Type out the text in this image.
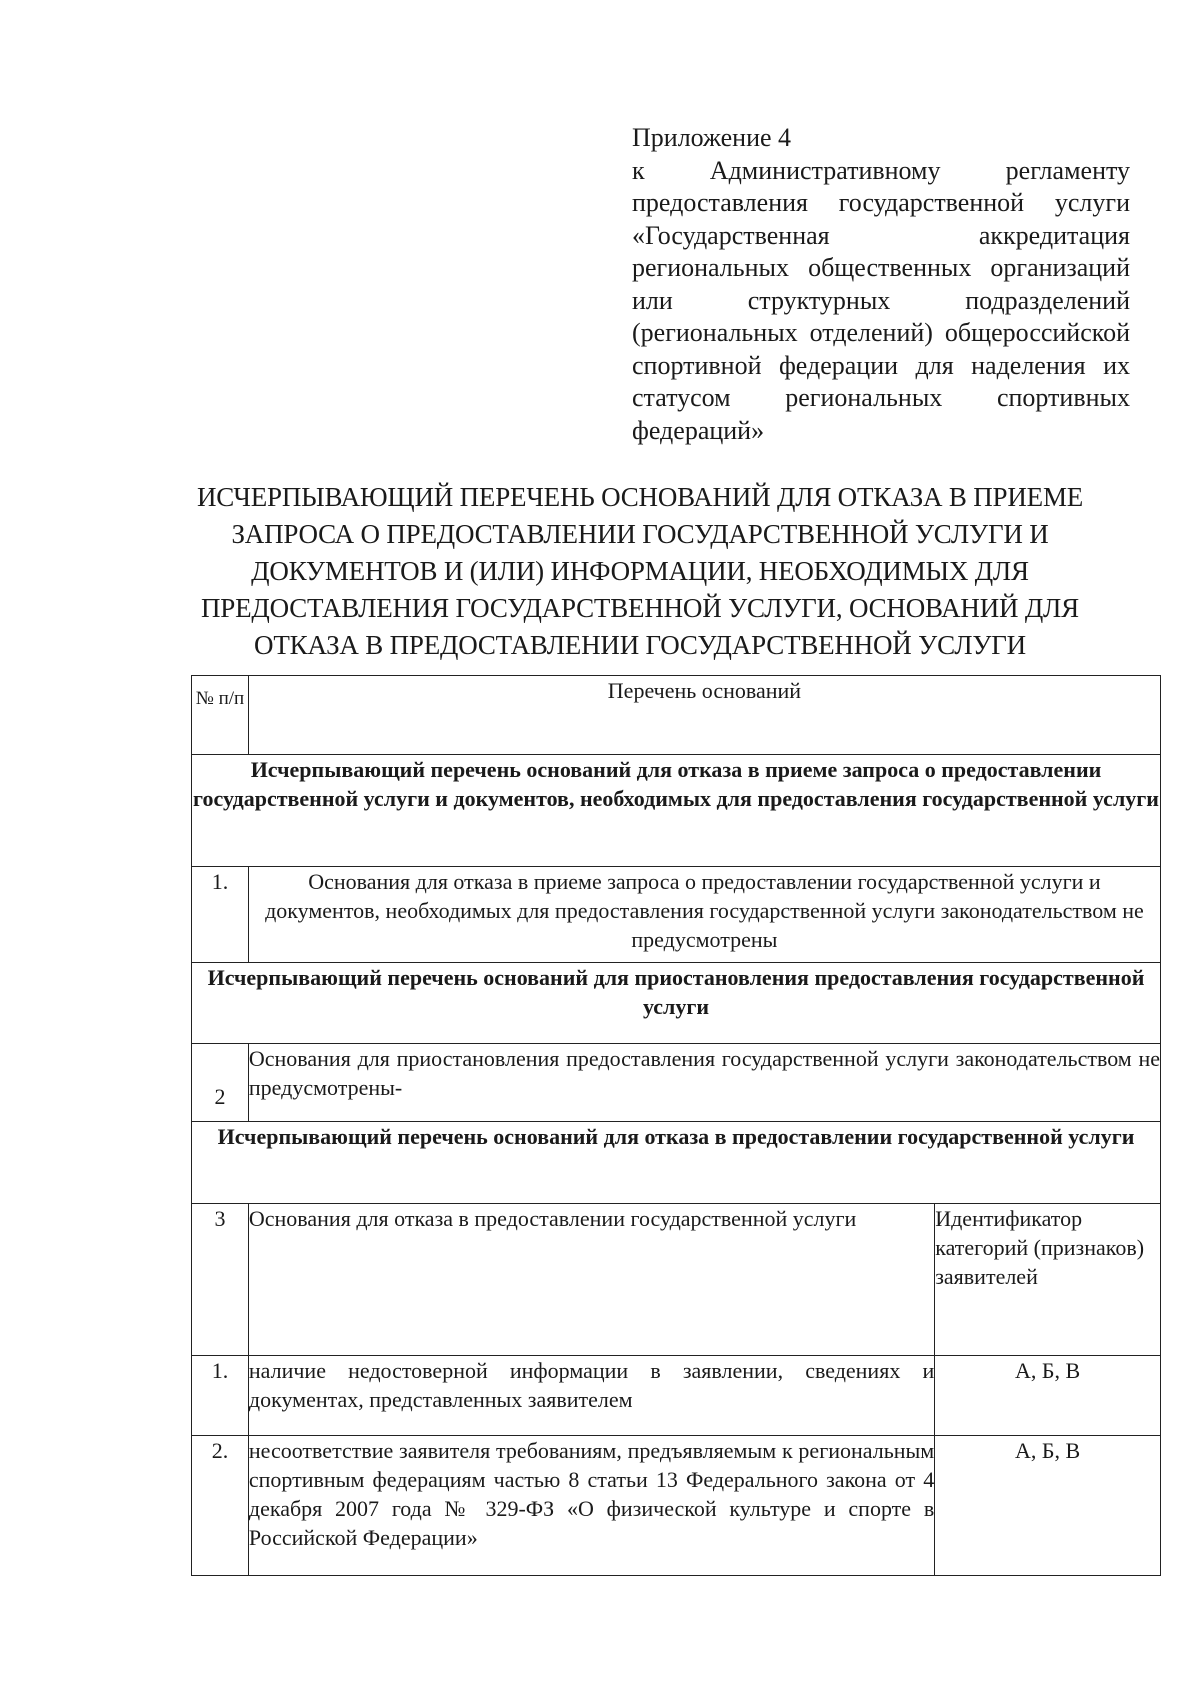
Приложение 4
к Административному регламенту предоставления государственной услуги «Государственная аккредитация региональных общественных организаций или структурных подразделений (региональных отделений) общероссийской спортивной федерации для наделения их статусом региональных спортивных федераций»
ИСЧЕРПЫВАЮЩИЙ ПЕРЕЧЕНЬ ОСНОВАНИЙ ДЛЯ ОТКАЗА В ПРИЕМЕ ЗАПРОСА О ПРЕДОСТАВЛЕНИИ ГОСУДАРСТВЕННОЙ УСЛУГИ И ДОКУМЕНТОВ И (ИЛИ) ИНФОРМАЦИИ, НЕОБХОДИМЫХ ДЛЯ ПРЕДОСТАВЛЕНИЯ ГОСУДАРСТВЕННОЙ УСЛУГИ, ОСНОВАНИЙ ДЛЯ ОТКАЗА В ПРЕДОСТАВЛЕНИИ ГОСУДАРСТВЕННОЙ УСЛУГИ
№ п/п	Перечень оснований	
Исчерпывающий перечень оснований для отказа в приеме запроса о предоставлении государственной услуги и документов, необходимых для предоставления государственной услуги		
1.	Основания для отказа в приеме запроса о предоставлении государственной услуги и документов, необходимых для предоставления государственной услуги законодательством не предусмотрены	
Исчерпывающий перечень оснований для приостановления предоставления государственной услуги		
2	Основания для приостановления предоставления государственной услуги законодательством не предусмотрены-	
Исчерпывающий перечень оснований для отказа в предоставлении государственной услуги		
3	Основания для отказа в предоставлении государственной услуги	Идентификатор категорий (признаков) заявителей
1.	наличие недостоверной информации в заявлении, сведениях и документах, представленных заявителем	А, Б, В
2.	несоответствие заявителя требованиям, предъявляемым к региональным спортивным федерациям частью 8 статьи 13 Федерального закона от 4 декабря 2007 года № 329-ФЗ «О физической культуре и спорте в Российской Федерации»	А, Б, В
